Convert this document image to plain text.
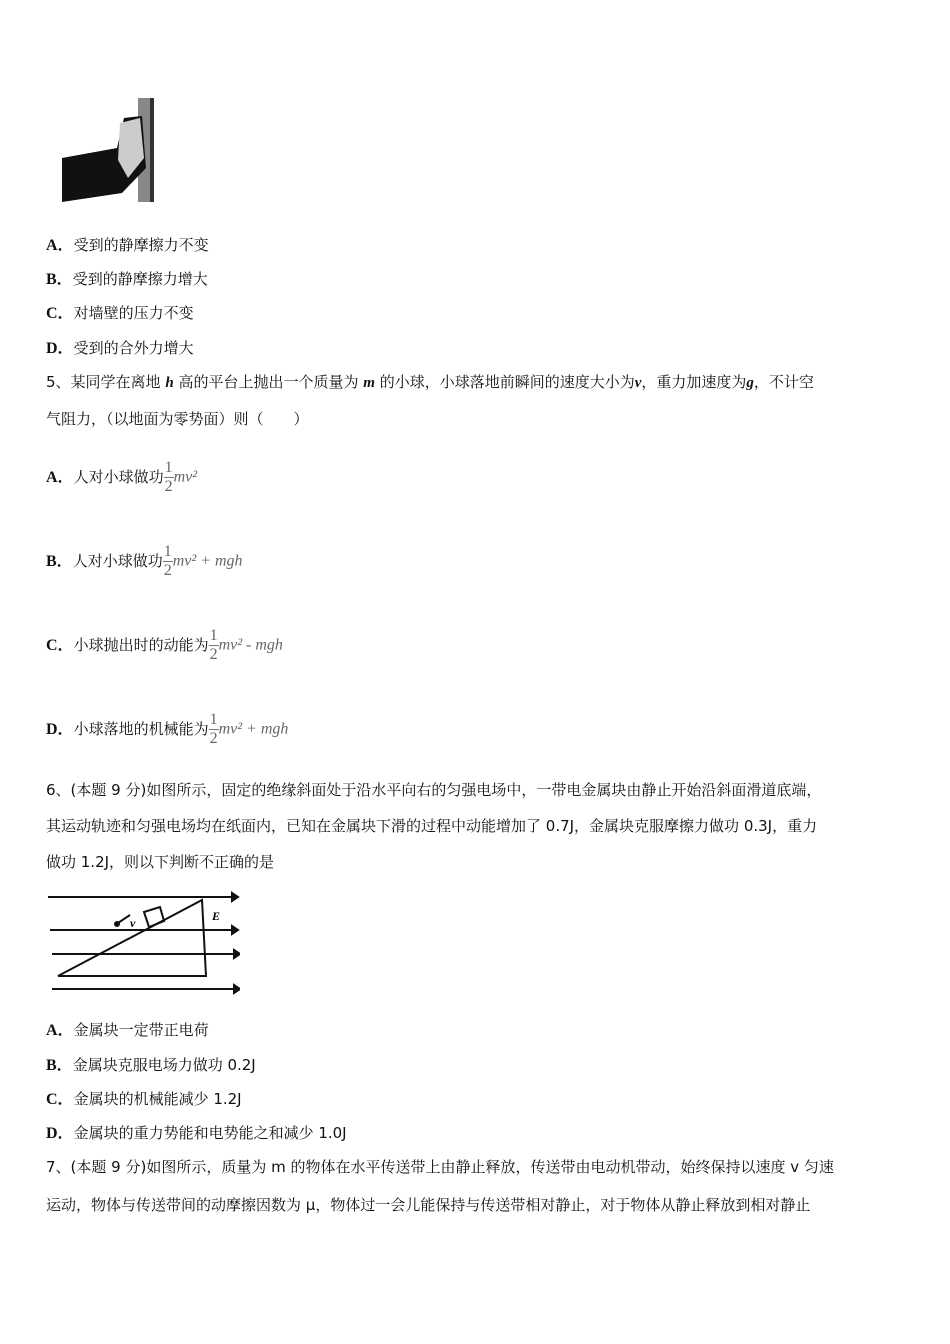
A．受到的静摩擦力不变
B．受到的静摩擦力增大
C．对墙壁的压力不变
D．受到的合外力增大
5、某同学在离地 h 高的平台上抛出一个质量为 m 的小球，小球落地前瞬间的速度大小为v，重力加速度为g，不计空
气阻力，（以地面为零势面）则（　　）
A．人对小球做功 $\frac{1}{2} mv^2$
B．人对小球做功 $\frac{1}{2} mv^2$ + mgh
C．小球抛出时的动能为 $\frac{1}{2} mv^2$ - mgh
D．小球落地的机械能为 $\frac{1}{2} mv^2$ + mgh
6、(本题 9 分)如图所示，固定的绝缘斜面处于沿水平向右的匀强电场中，一带电金属块由静止开始沿斜面滑道底端，
其运动轨迹和匀强电场均在纸面内，已知在金属块下滑的过程中动能增加了 0.7J，金属块克服摩擦力做功 0.3J，重力
做功 1.2J，则以下判断不正确的是
v	E
A．金属块一定带正电荷
B．金属块克服电场力做功 0.2J
C．金属块的机械能减少 1.2J
D．金属块的重力势能和电势能之和减少 1.0J
7、(本题 9 分)如图所示，质量为 m 的物体在水平传送带上由静止释放，传送带由电动机带动，始终保持以速度 v 匀速
运动，物体与传送带间的动摩擦因数为 μ，物体过一会儿能保持与传送带相对静止，对于物体从静止释放到相对静止
